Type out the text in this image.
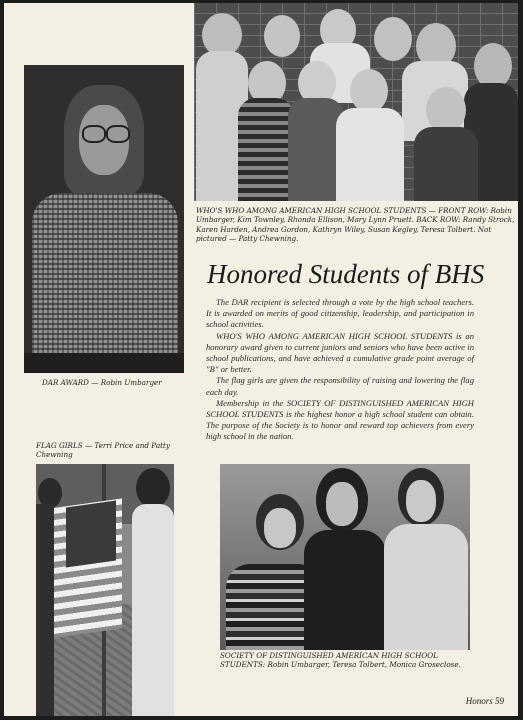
DAR AWARD — Robin Umbarger
WHO'S WHO AMONG AMERICAN HIGH SCHOOL STUDENTS — FRONT ROW: Robin Umbarger, Kim Townley, Rhonda Ellison, Mary Lynn Pruett. BACK ROW: Randy Strock, Karen Harden, Andrea Gordon, Kathryn Wiley, Susan Kegley, Teresa Tolbert. Not pictured — Patty Chewning.
Honored Students of BHS

The DAR recipient is selected through a vote by the high school teachers. It is awarded on merits of good citizenship, leadership, and participation in school activities.

WHO'S WHO AMONG AMERICAN HIGH SCHOOL STUDENTS is an honorary award given to current juniors and seniors who have been active in school publications, and have achieved a cumulative grade point average of "B" or better.

The flag girls are given the responsibility of raising and lowering the flag each day.

Membership in the SOCIETY OF DISTINGUISHED AMERICAN HIGH SCHOOL STUDENTS is the highest honor a high school student can obtain. The purpose of the Society is to honor and reward top achievers from every high school in the nation.

FLAG GIRLS — Terri Price and Patty Chewning
SOCIETY OF DISTINGUISHED AMERICAN HIGH SCHOOL STUDENTS: Robin Umbarger, Teresa Tolbert, Monica Groseclose.
Honors 59
